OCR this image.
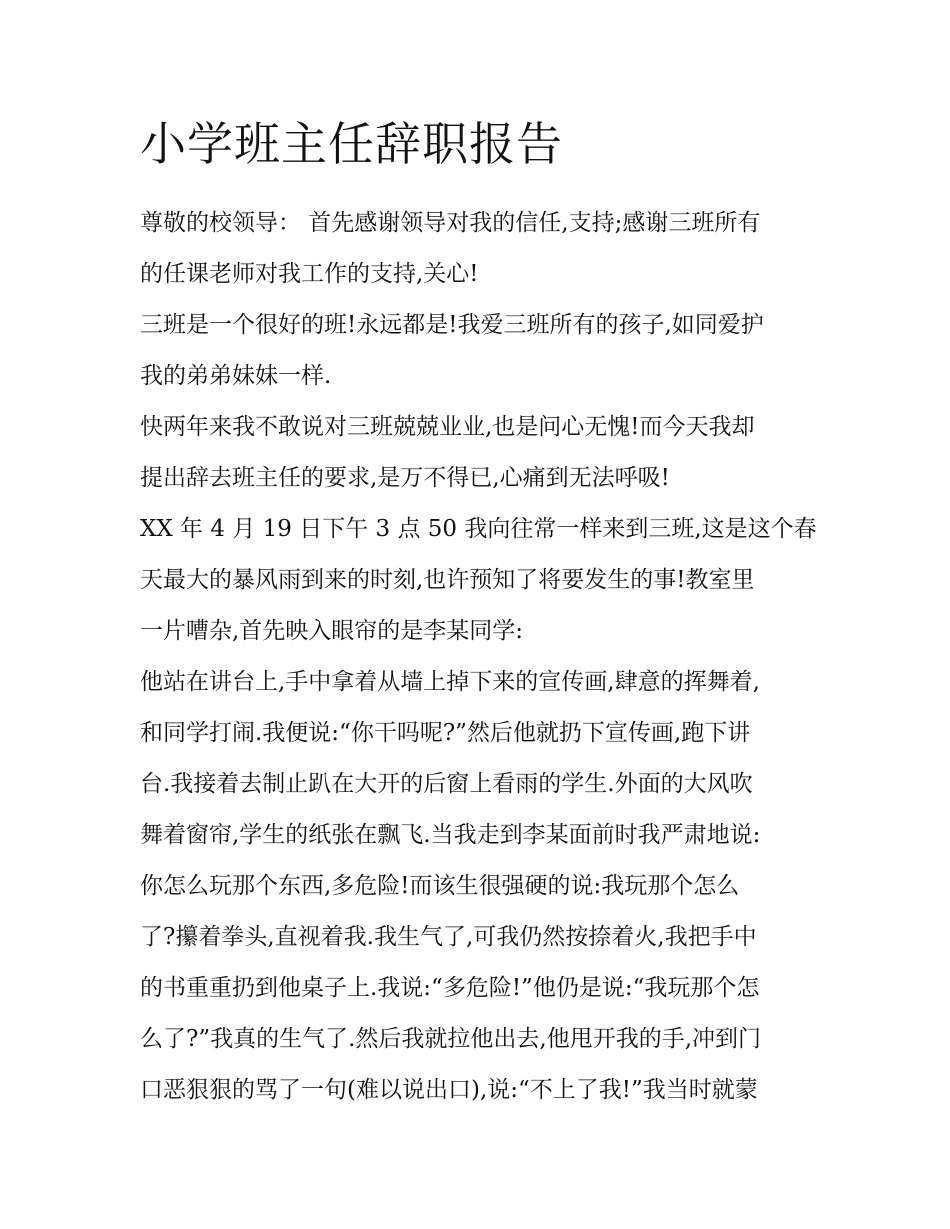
小学班主任辞职报告
尊敬的校领导： 首先感谢领导对我的信任,支持;感谢三班所有
的任课老师对我工作的支持,关心!
三班是一个很好的班!永远都是!我爱三班所有的孩子,如同爱护
我的弟弟妹妹一样.
快两年来我不敢说对三班兢兢业业,也是问心无愧!而今天我却
提出辞去班主任的要求,是万不得已,心痛到无法呼吸!
XX 年 4 月 19 日下午 3 点 50 我向往常一样来到三班,这是这个春
天最大的暴风雨到来的时刻,也许预知了将要发生的事!教室里
一片嘈杂,首先映入眼帘的是李某同学:
他站在讲台上,手中拿着从墙上掉下来的宣传画,肆意的挥舞着,
和同学打闹.我便说:“你干吗呢?”然后他就扔下宣传画,跑下讲
台.我接着去制止趴在大开的后窗上看雨的学生.外面的大风吹
舞着窗帘,学生的纸张在飘飞.当我走到李某面前时我严肃地说:
你怎么玩那个东西,多危险!而该生很强硬的说:我玩那个怎么
了?攥着拳头,直视着我.我生气了,可我仍然按捺着火,我把手中
的书重重扔到他桌子上.我说:“多危险!”他仍是说:“我玩那个怎
么了?”我真的生气了.然后我就拉他出去,他甩开我的手,冲到门
口恶狠狠的骂了一句(难以说出口),说:“不上了我!”我当时就蒙
